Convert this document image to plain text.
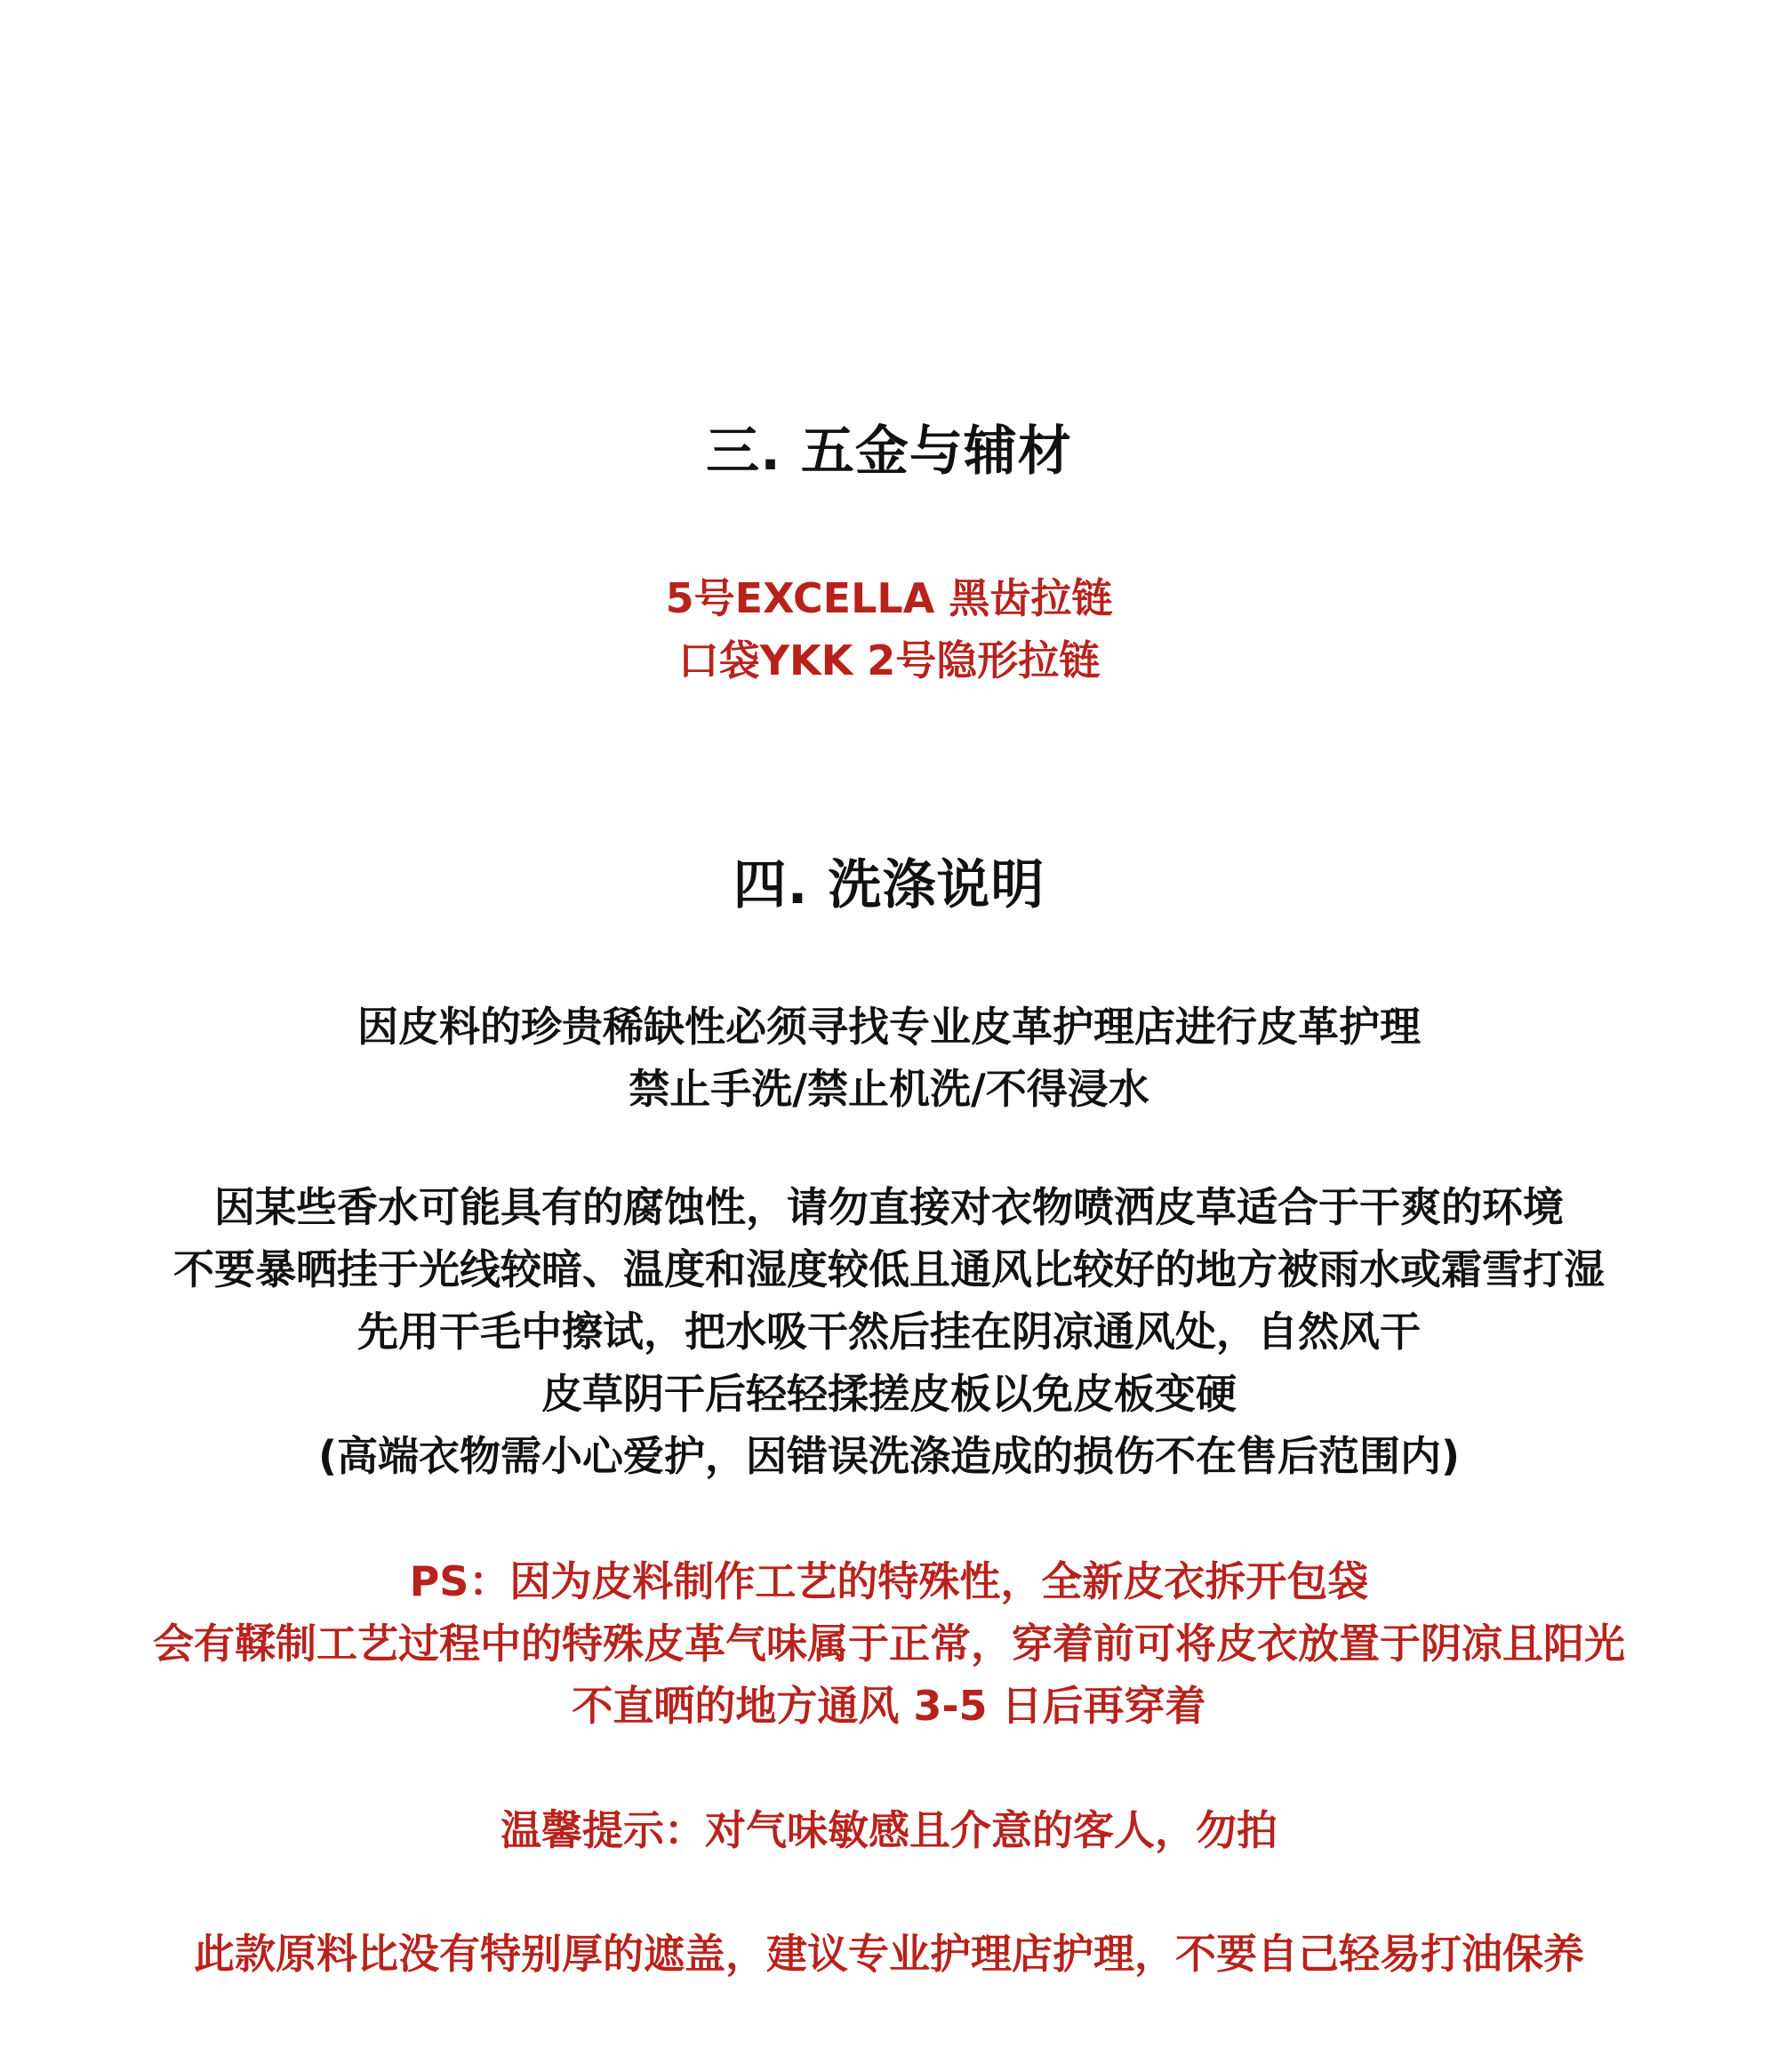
三. 五金与辅材
5号EXCELLA 黑齿拉链
口袋YKK 2号隐形拉链
四. 洗涤说明
因皮料的珍贵稀缺性必须寻找专业皮革护理店进行皮革护理
禁止手洗/禁止机洗/不得浸水
因某些香水可能具有的腐蚀性，请勿直接对衣物喷洒皮草适合于干爽的环境
不要暴晒挂于光线较暗、温度和湿度较低且通风比较好的地方被雨水或霜雪打湿
先用干毛中擦试，把水吸干然后挂在阴凉通风处，自然风干
皮草阴干后轻轻揉搓皮板以免皮板变硬
(高端衣物需小心爱护，因错误洗涤造成的损伤不在售后范围内)
PS：因为皮料制作工艺的特殊性，全新皮衣拆开包袋
会有鞣制工艺过程中的特殊皮革气味属于正常，穿着前可将皮衣放置于阴凉且阳光
不直晒的地方通风 3-5 日后再穿着
温馨提示：对气味敏感且介意的客人，勿拍
此款原料比没有特别厚的遮盖，建议专业护理店护理，不要自己轻易打油保养
